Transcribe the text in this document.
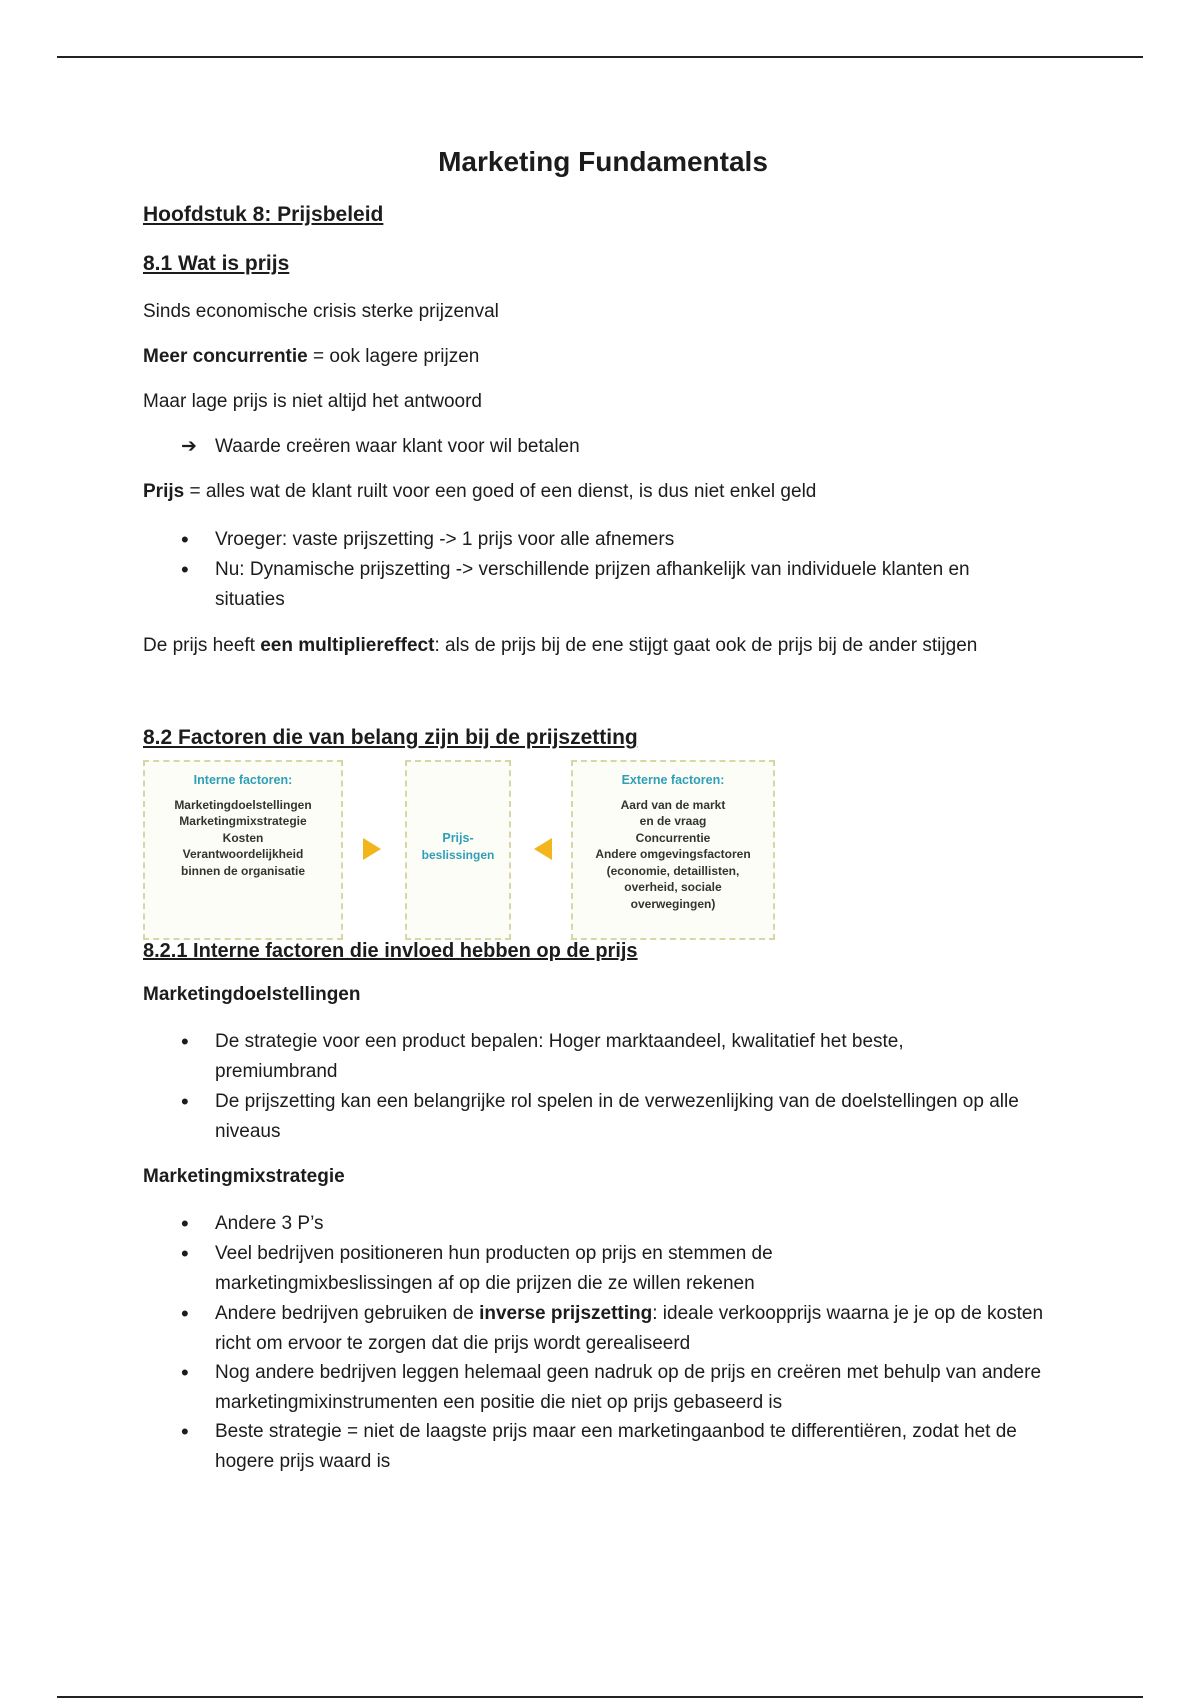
Marketing Fundamentals
Hoofdstuk 8: Prijsbeleid
8.1 Wat is prijs
Sinds economische crisis sterke prijzenval
Meer concurrentie = ook lagere prijzen
Maar lage prijs is niet altijd het antwoord
➔ Waarde creëren waar klant voor wil betalen
Prijs = alles wat de klant ruilt voor een goed of een dienst, is dus niet enkel geld
• Vroeger: vaste prijszetting -> 1 prijs voor alle afnemers
• Nu: Dynamische prijszetting -> verschillende prijzen afhankelijk van individuele klanten en situaties
De prijs heeft een multipliereffect: als de prijs bij de ene stijgt gaat ook de prijs bij de ander stijgen
8.2 Factoren die van belang zijn bij de prijszetting
Interne factoren:
Marketingdoelstellingen
Marketingmixstrategie
Kosten
Verantwoordelijkheid
binnen de organisatie
Prijs-
beslissingen
Externe factoren:
Aard van de markt
en de vraag
Concurrentie
Andere omgevingsfactoren
(economie, detaillisten,
overheid, sociale
overwegingen)
8.2.1 Interne factoren die invloed hebben op de prijs
Marketingdoelstellingen
• De strategie voor een product bepalen: Hoger marktaandeel, kwalitatief het beste, premiumbrand
• De prijszetting kan een belangrijke rol spelen in de verwezenlijking van de doelstellingen op alle niveaus
Marketingmixstrategie
• Andere 3 P’s
• Veel bedrijven positioneren hun producten op prijs en stemmen de marketingmixbeslissingen af op die prijzen die ze willen rekenen
• Andere bedrijven gebruiken de inverse prijszetting: ideale verkoopprijs waarna je je op de kosten richt om ervoor te zorgen dat die prijs wordt gerealiseerd
• Nog andere bedrijven leggen helemaal geen nadruk op de prijs en creëren met behulp van andere marketingmixinstrumenten een positie die niet op prijs gebaseerd is
• Beste strategie = niet de laagste prijs maar een marketingaanbod te differentiëren, zodat het de hogere prijs waard is
